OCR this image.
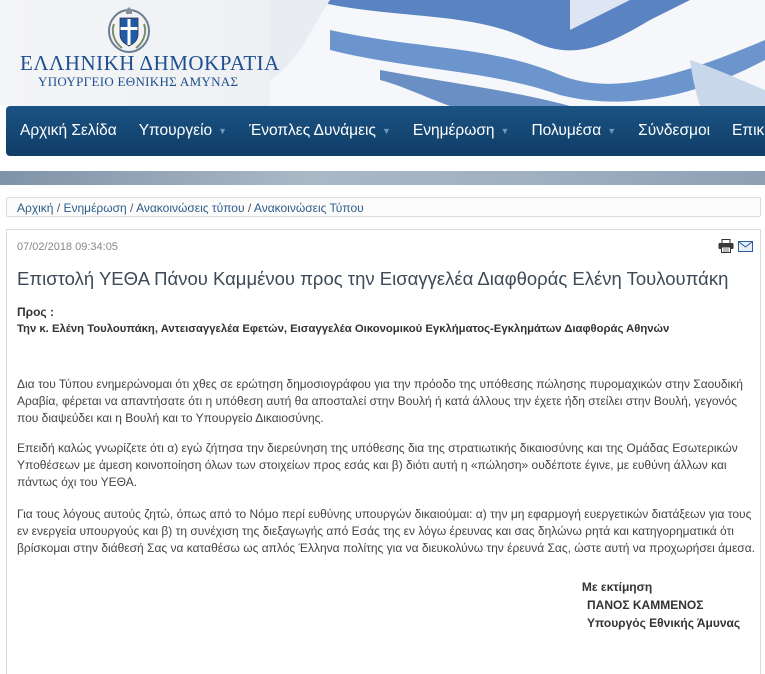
ΕΛΛΗΝΙΚΗ ΔΗΜΟΚΡΑΤΙΑ
ΥΠΟΥΡΓΕΙΟ ΕΘΝΙΚΗΣ ΑΜΥΝΑΣ
Αρχική Σελίδα Υπουργείο ▼ Ένοπλες Δυνάμεις ▼ Ενημέρωση ▼ Πολυμέσα ▼ Σύνδεσμοι Επικ
Αρχική / Ενημέρωση / Ανακοινώσεις τύπου / Ανακοινώσεις Τύπου
07/02/2018 09:34:05
Επιστολή ΥΕΘΑ Πάνου Καμμένου προς την Εισαγγελέα Διαφθοράς Ελένη Τουλουπάκη
Προς :
Την κ. Ελένη Τουλουπάκη, Αντεισαγγελέα Εφετών, Εισαγγελέα Οικονομικού Εγκλήματος-Εγκλημάτων Διαφθοράς Αθηνών

Δια του Τύπου ενημερώνομαι ότι χθες σε ερώτηση δημοσιογράφου για την πρόοδο της υπόθεσης πώλησης πυρομαχικών στην Σαουδική Αραβία, φέρεται να απαντήσατε ότι η υπόθεση αυτή θα αποσταλεί στην Βουλή ή κατά άλλους την έχετε ήδη στείλει στην Βουλή, γεγονός που διαψεύδει και η Βουλή και το Υπουργείο Δικαιοσύνης.

Επειδή καλώς γνωρίζετε ότι α) εγώ ζήτησα την διερεύνηση της υπόθεσης δια της στρατιωτικής δικαιοσύνης και της Ομάδας Εσωτερικών Υποθέσεων με άμεση κοινοποίηση όλων των στοιχείων προς εσάς και β) διότι αυτή η «πώληση» ουδέποτε έγινε, με ευθύνη άλλων και πάντως όχι του ΥΕΘΑ.

Για τους λόγους αυτούς ζητώ, όπως από το Νόμο περί ευθύνης υπουργών δικαιούμαι: α) την μη εφαρμογή ευεργετικών διατάξεων για τους εν ενεργεία υπουργούς και β) τη συνέχιση της διεξαγωγής από Εσάς της εν λόγω έρευνας και σας δηλώνω ρητά και κατηγορηματικά ότι βρίσκομαι στην διάθεσή Σας να καταθέσω ως απλός Έλληνα πολίτης για να διευκολύνω την έρευνά Σας, ώστε αυτή να προχωρήσει άμεσα.

Με εκτίμηση
ΠΑΝΟΣ ΚΑΜΜΕΝΟΣ
Υπουργός Εθνικής Άμυνας
